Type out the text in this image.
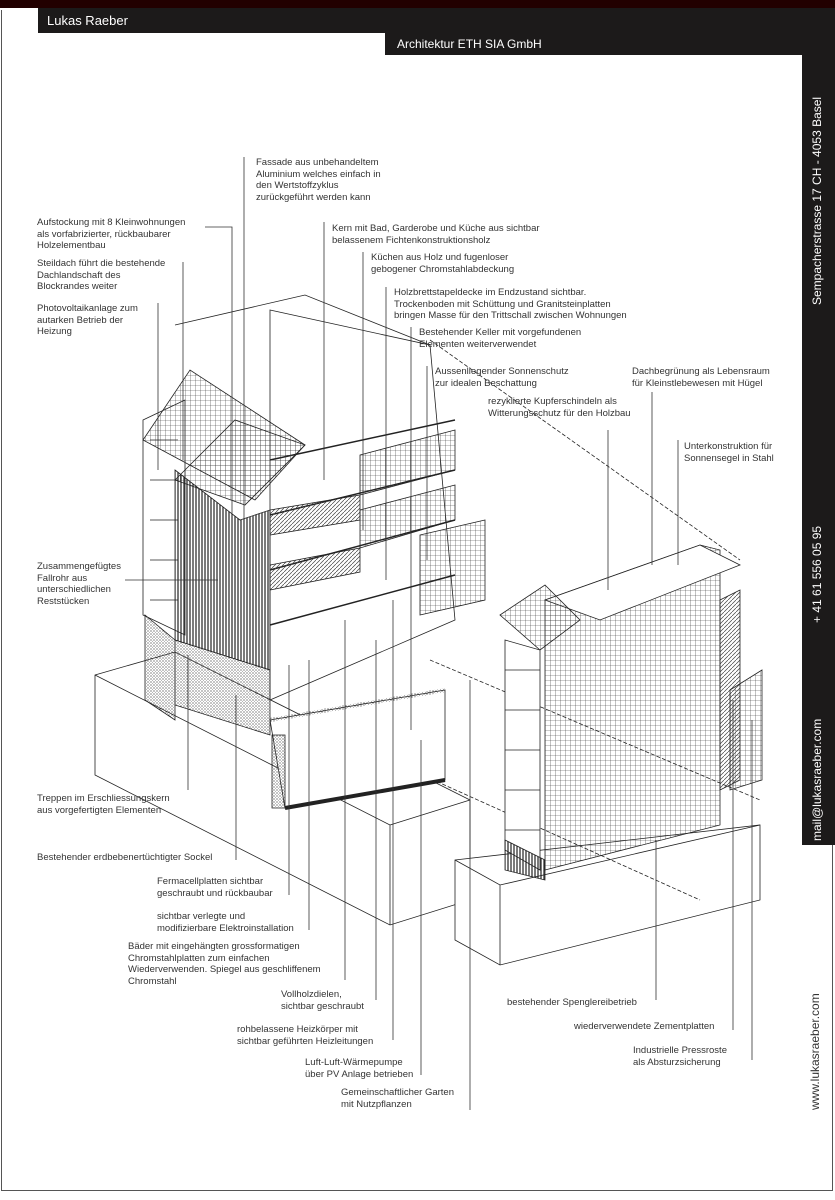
Lukas Raeber
Architektur ETH SIA GmbH
Sempacherstrasse 17 CH - 4053 Basel
+ 41 61 556 05 95
mail@lukasraeber.com
www.lukasraeber.com
Fassade aus unbehandeltem
Aluminium welches einfach in
den Wertstoffzyklus
zurückgeführt werden kann
Aufstockung mit 8 Kleinwohnungen
als vorfabrizierter, rückbaubarer
Holzelementbau
Steildach führt die bestehende
Dachlandschaft des
Blockrandes weiter
Photovoltaikanlage zum
autarken Betrieb der
Heizung
Kern mit Bad, Garderobe und Küche aus sichtbar
belassenem Fichtenkonstruktionsholz
Küchen aus Holz und fugenloser
gebogener Chromstahlabdeckung
Holzbrettstapeldecke im Endzustand sichtbar.
Trockenboden mit Schüttung und Granitsteinplatten
bringen Masse für den Trittschall zwischen Wohnungen
Bestehender Keller mit vorgefundenen
Elementen weiterverwendet
Aussenliegender Sonnenschutz
zur idealen Beschattung
Dachbegrünung als Lebensraum
für Kleinstlebewesen mit Hügel
rezyklierte Kupferschindeln als
Witterungsschutz für den Holzbau
Unterkonstruktion für
Sonnensegel in Stahl
Zusammengefügtes
Fallrohr aus
unterschiedlichen
Reststücken
Treppen im Erschliessungskern
aus vorgefertigten Elementen
Bestehender erdbebenertüchtigter Sockel
Fermacellplatten sichtbar
geschraubt und rückbaubar
sichtbar verlegte und
modifizierbare Elektroinstallation
Bäder mit eingehängten grossformatigen
Chromstahlplatten zum einfachen
Wiederverwenden. Spiegel aus geschliffenem
Chromstahl
Vollholzdielen,
sichtbar geschraubt
rohbelassene Heizkörper mit
sichtbar geführten Heizleitungen
Luft-Luft-Wärmepumpe
über PV Anlage betrieben
Gemeinschaftlicher Garten
mit Nutzpflanzen
bestehender Spenglereibetrieb
wiederverwendete Zementplatten
Industrielle Pressroste
als Absturzsicherung
